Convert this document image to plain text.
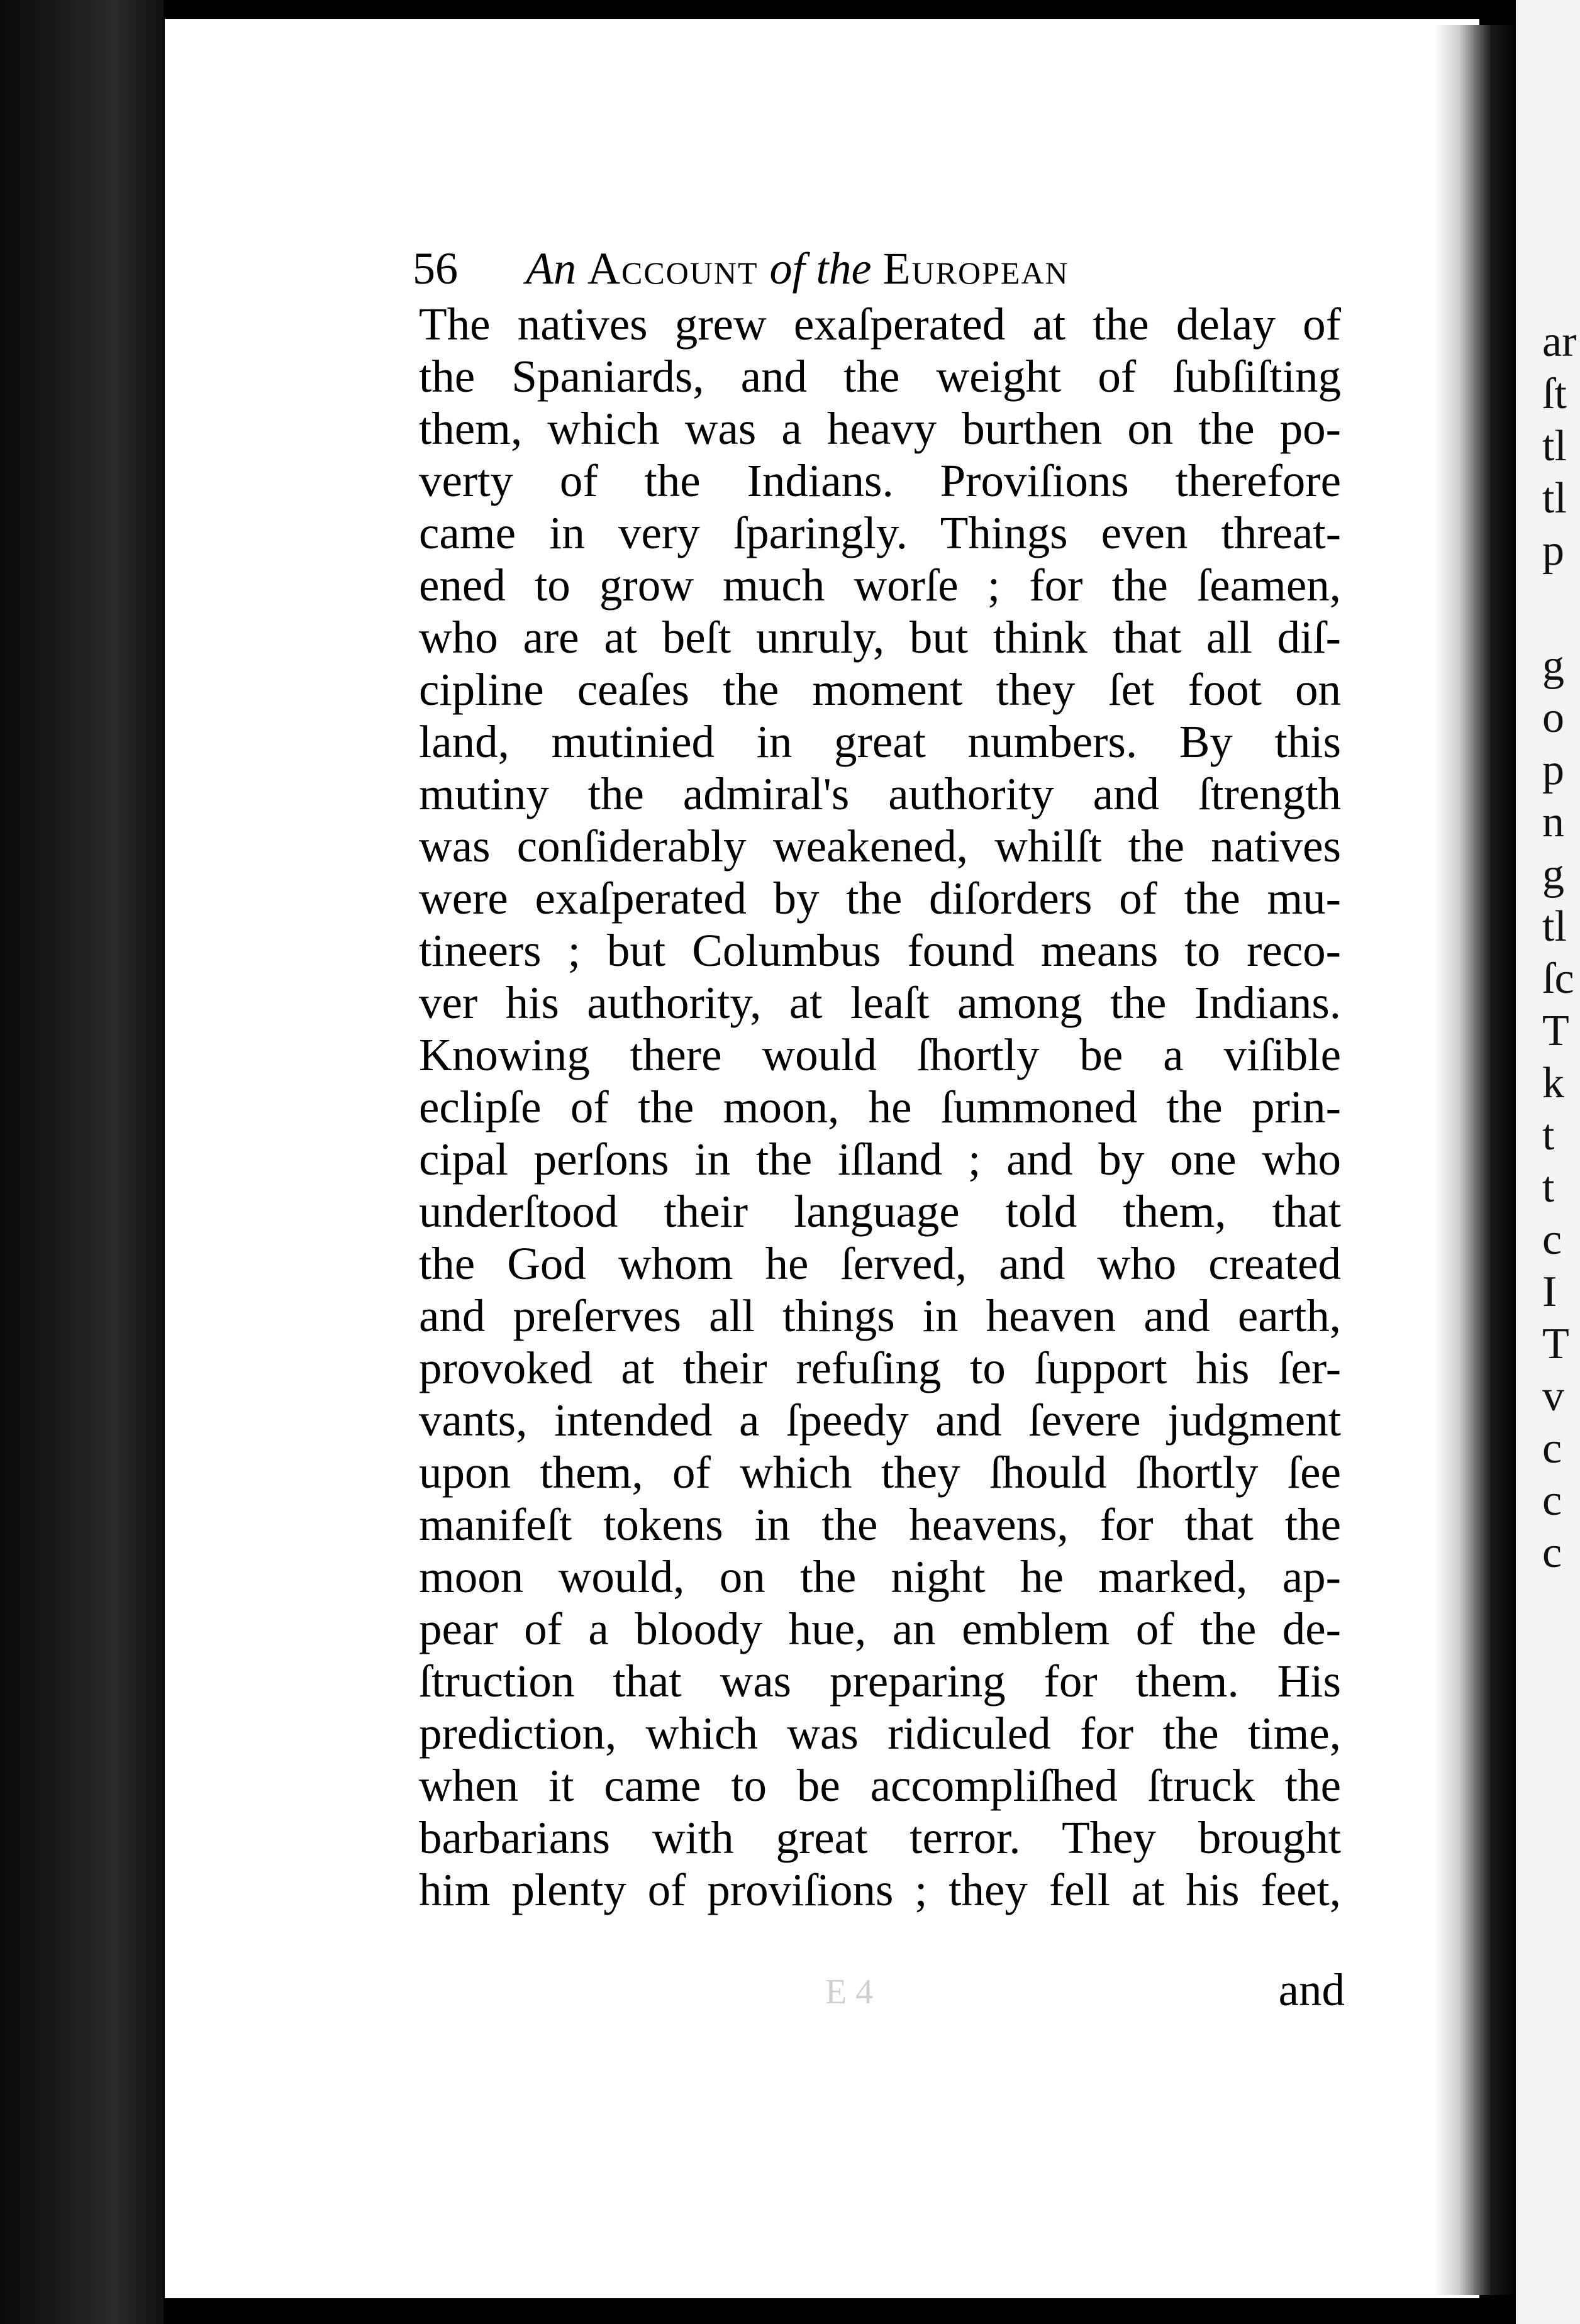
56 An Account of the European
The natives grew exaſperated at the delay of
the Spaniards, and the weight of ſubſiſting
them, which was a heavy burthen on the po-
verty of the Indians. Proviſions therefore
came in very ſparingly. Things even threat-
ened to grow much worſe ; for the ſeamen,
who are at beſt unruly, but think that all diſ-
cipline ceaſes the moment they ſet foot on
land, mutinied in great numbers. By this
mutiny the admiral's authority and ſtrength
was conſiderably weakened, whilſt the natives
were exaſperated by the diſorders of the mu-
tineers ; but Columbus found means to reco-
ver his authority, at leaſt among the Indians.
Knowing there would ſhortly be a viſible
eclipſe of the moon, he ſummoned the prin-
cipal perſons in the iſland ; and by one who
underſtood their language told them, that
the God whom he ſerved, and who created
and preſerves all things in heaven and earth,
provoked at their refuſing to ſupport his ſer-
vants, intended a ſpeedy and ſevere judgment
upon them, of which they ſhould ſhortly ſee
manifeſt tokens in the heavens, for that the
moon would, on the night he marked, ap-
pear of a bloody hue, an emblem of the de-
ſtruction that was preparing for them. His
prediction, which was ridiculed for the time,
when it came to be accompliſhed ſtruck the
barbarians with great terror. They brought
him plenty of proviſions ; they fell at his feet,
E 4	and
ar
ſt
tl
tl
p
g
o
p
n
g
tl
ſc
T
k
t
t
c
I
T
v
c
c
c
